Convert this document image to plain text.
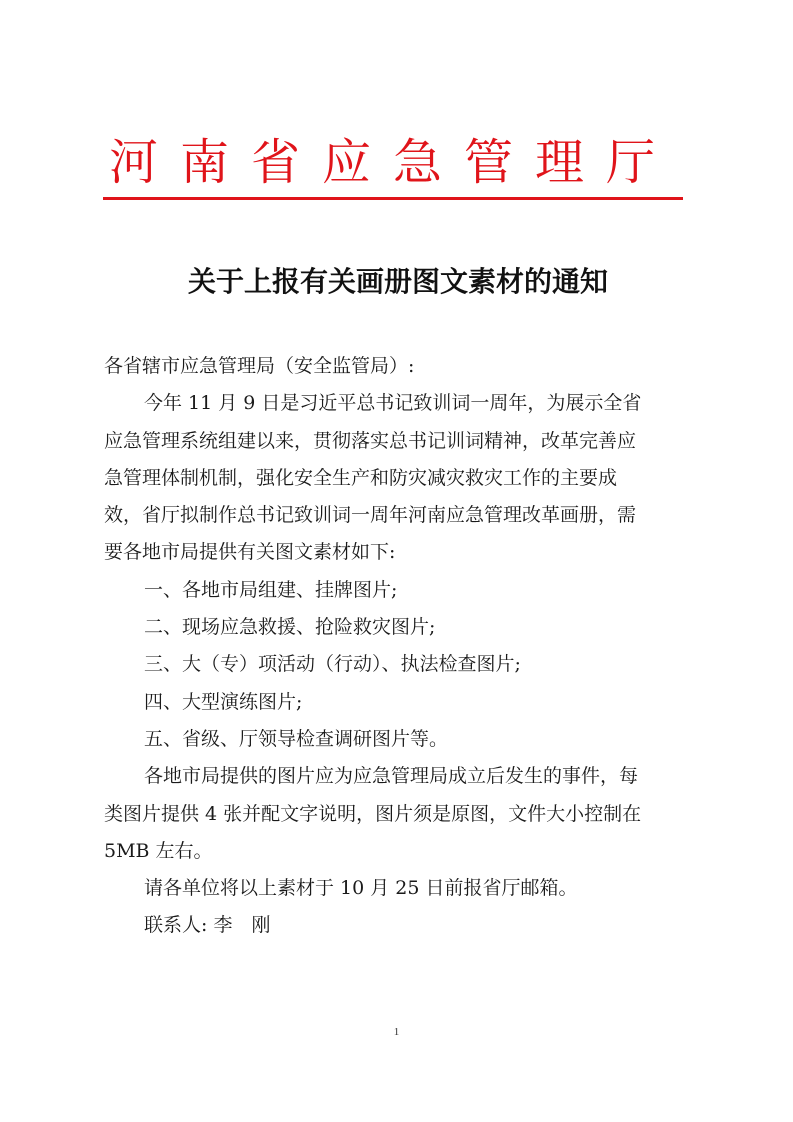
河南省应急管理厅
关于上报有关画册图文素材的通知
各省辖市应急管理局（安全监管局）:
今年 11 月 9 日是习近平总书记致训词一周年，为展示全省
应急管理系统组建以来，贯彻落实总书记训词精神，改革完善应
急管理体制机制，强化安全生产和防灾减灾救灾工作的主要成
效，省厅拟制作总书记致训词一周年河南应急管理改革画册，需
要各地市局提供有关图文素材如下:
一、各地市局组建、挂牌图片;
二、现场应急救援、抢险救灾图片;
三、大（专）项活动（行动）、执法检查图片;
四、大型演练图片;
五、省级、厅领导检查调研图片等。
各地市局提供的图片应为应急管理局成立后发生的事件，每
类图片提供 4 张并配文字说明，图片须是原图，文件大小控制在
5MB 左右。
请各单位将以上素材于 10 月 25 日前报省厅邮箱。
联系人: 李　刚
1
